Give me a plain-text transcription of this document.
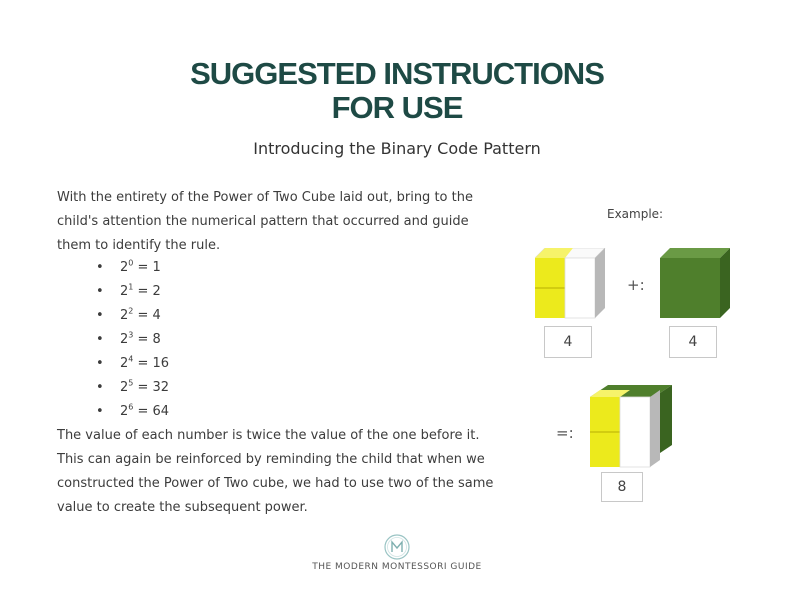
SUGGESTED INSTRUCTIONS
FOR USE
Introducing the Binary Code Pattern
With the entirety of the Power of Two Cube laid out, bring to the child's attention the numerical pattern that occurred and guide them to identify the rule.
• $2^0 = 1$
• $2^1 = 2$
• $2^2 = 4$
• $2^3 = 8$
• $2^4 = 16$
• $2^5 = 32$
• $2^6 = 64$
The value of each number is twice the value of the one before it. This can again be reinforced by reminding the child that when we constructed the Power of Two cube, we had to use two of the same value to create the subsequent power.
Example:
4
+:
4
=:
8
THE MODERN MONTESSORI GUIDE
